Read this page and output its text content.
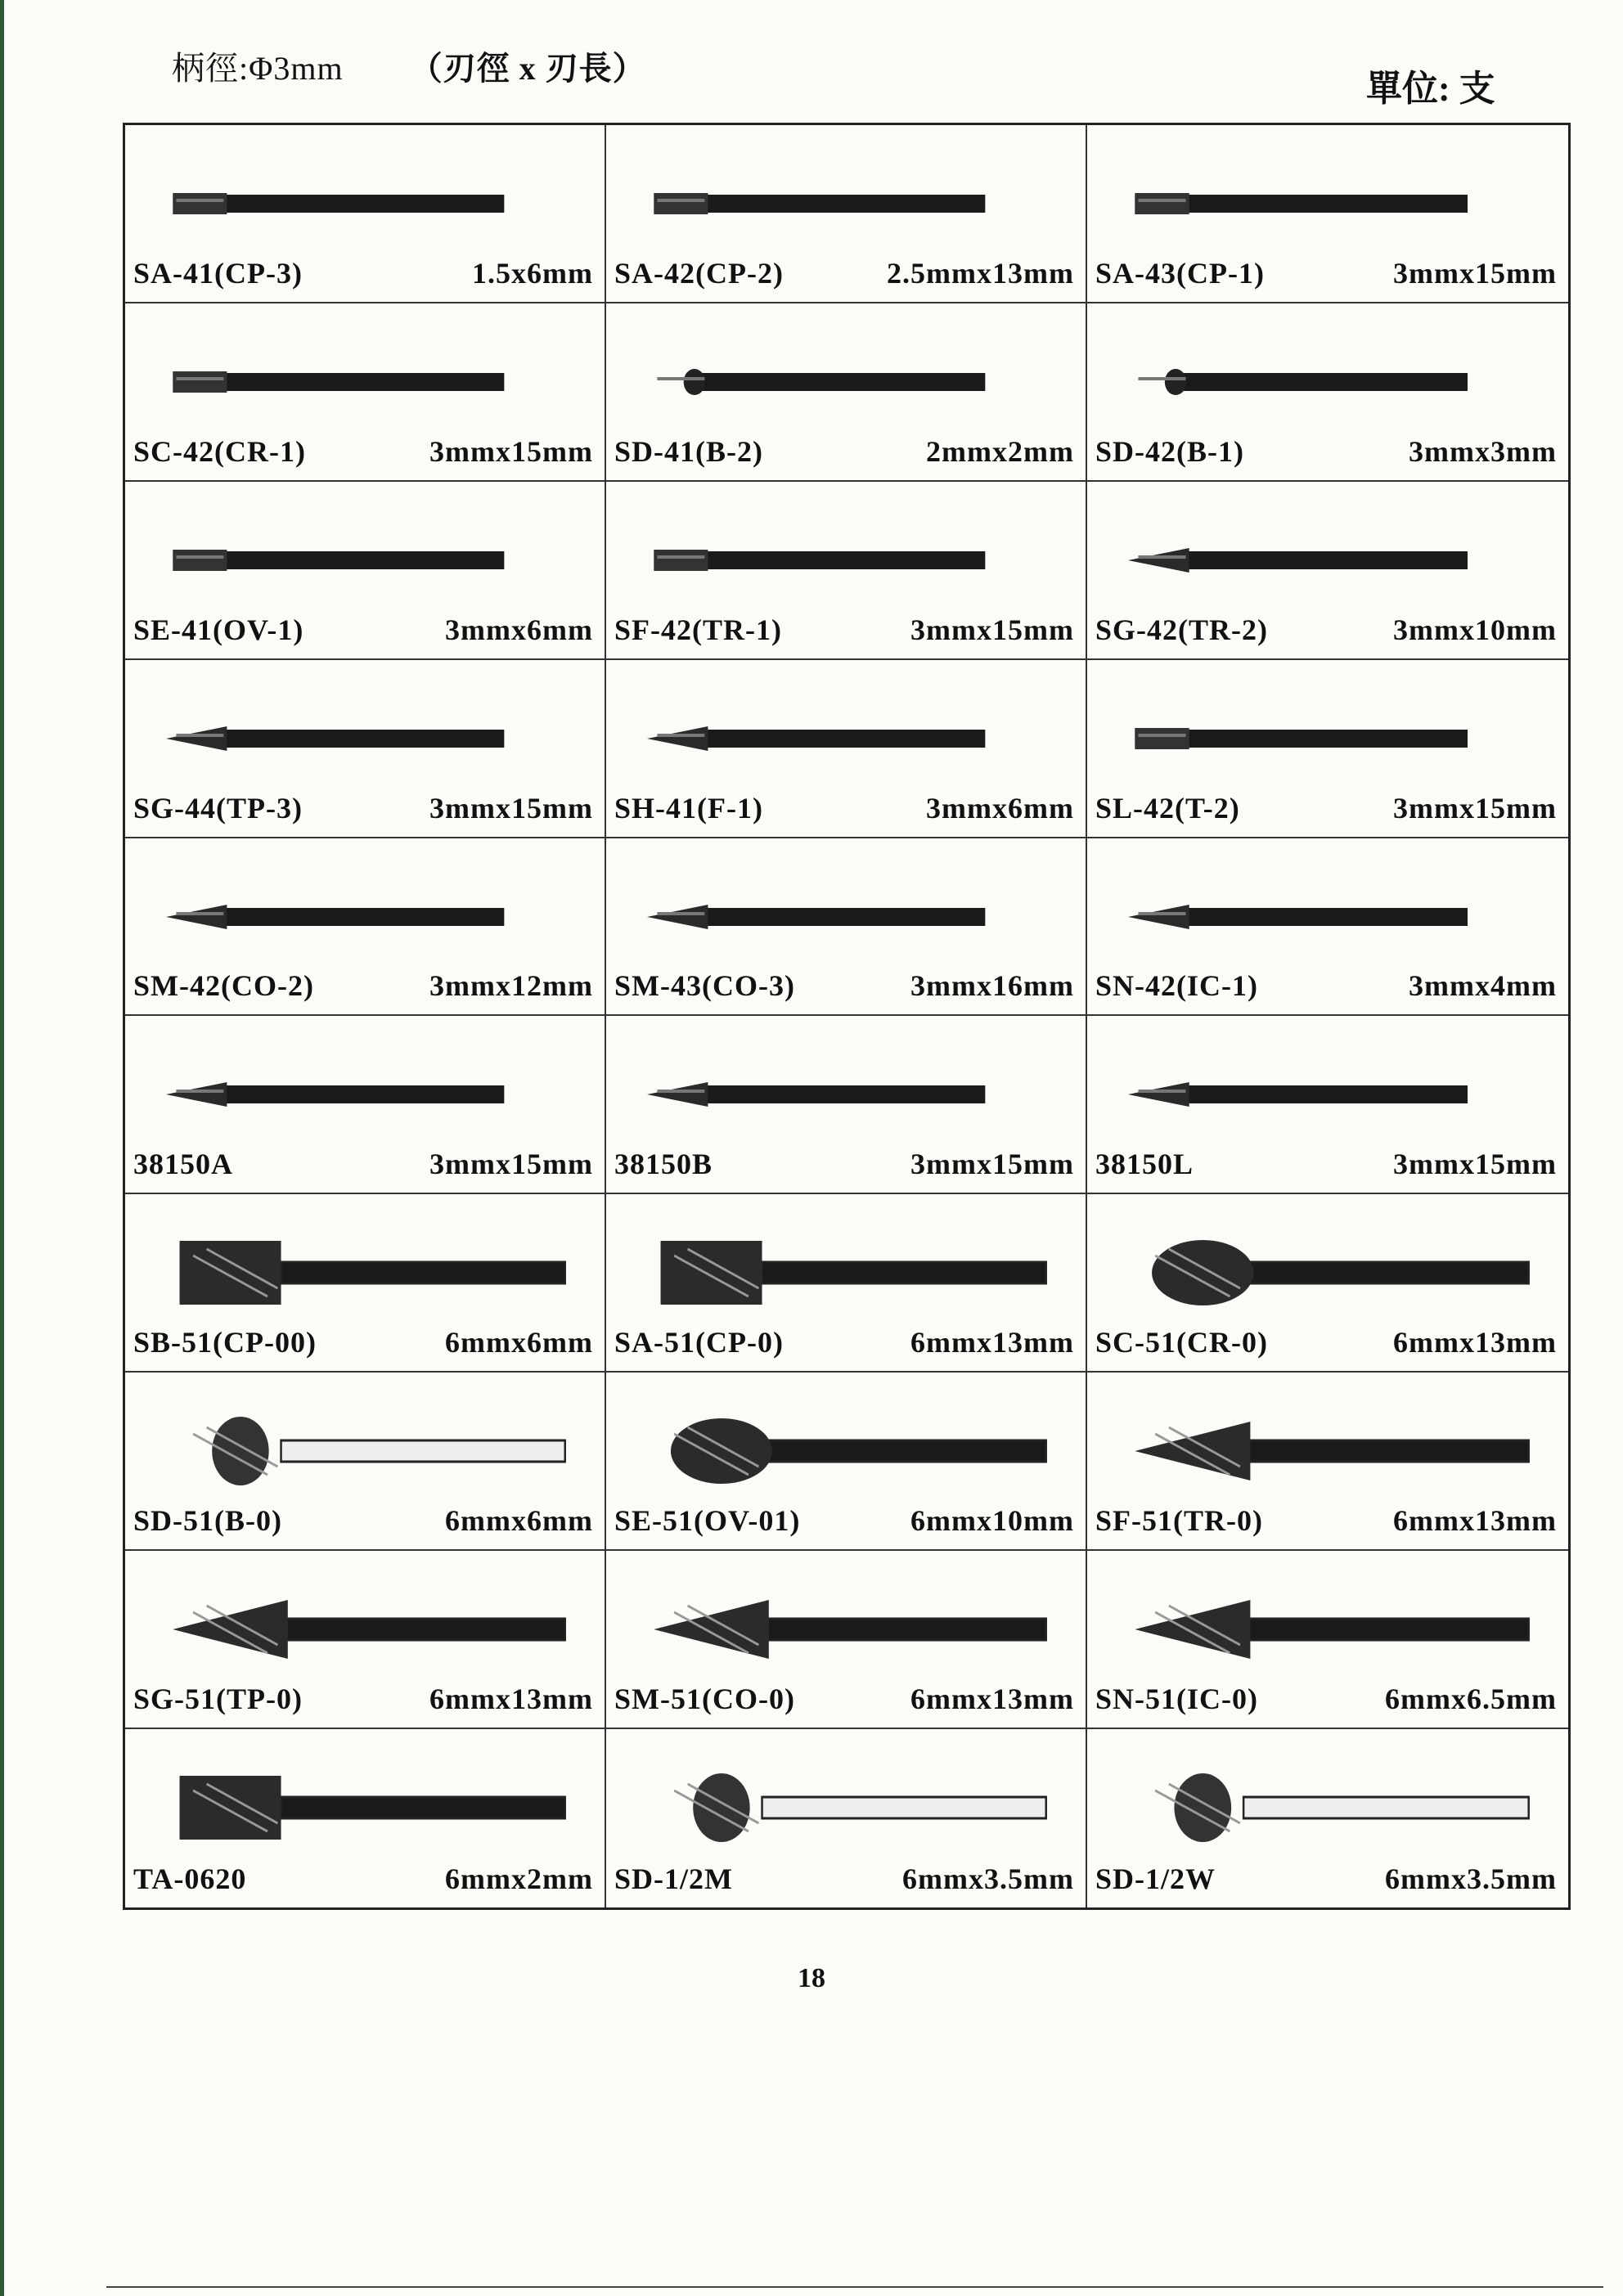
柄徑:Φ3mm （刃徑 x 刃長）
單位: 支
SA-41(CP-3)	1.5x6mm SA-42(CP-2)	2.5mmx13mm SA-43(CP-1)	3mmx15mm
SC-42(CR-1)	3mmx15mm SD-41(B-2)	2mmx2mm SD-42(B-1)	3mmx3mm
SE-41(OV-1)	3mmx6mm SF-42(TR-1)	3mmx15mm SG-42(TR-2)	3mmx10mm
SG-44(TP-3)	3mmx15mm SH-41(F-1)	3mmx6mm SL-42(T-2)	3mmx15mm
SM-42(CO-2)	3mmx12mm SM-43(CO-3)	3mmx16mm SN-42(IC-1)	3mmx4mm
38150A	3mmx15mm 38150B	3mmx15mm 38150L	3mmx15mm
SB-51(CP-00)	6mmx6mm SA-51(CP-0)	6mmx13mm SC-51(CR-0)	6mmx13mm
SD-51(B-0)	6mmx6mm SE-51(OV-01)	6mmx10mm SF-51(TR-0)	6mmx13mm
SG-51(TP-0)	6mmx13mm SM-51(CO-0)	6mmx13mm SN-51(IC-0)	6mmx6.5mm
TA-0620	6mmx2mm SD-1/2M	6mmx3.5mm SD-1/2W	6mmx3.5mm
18
